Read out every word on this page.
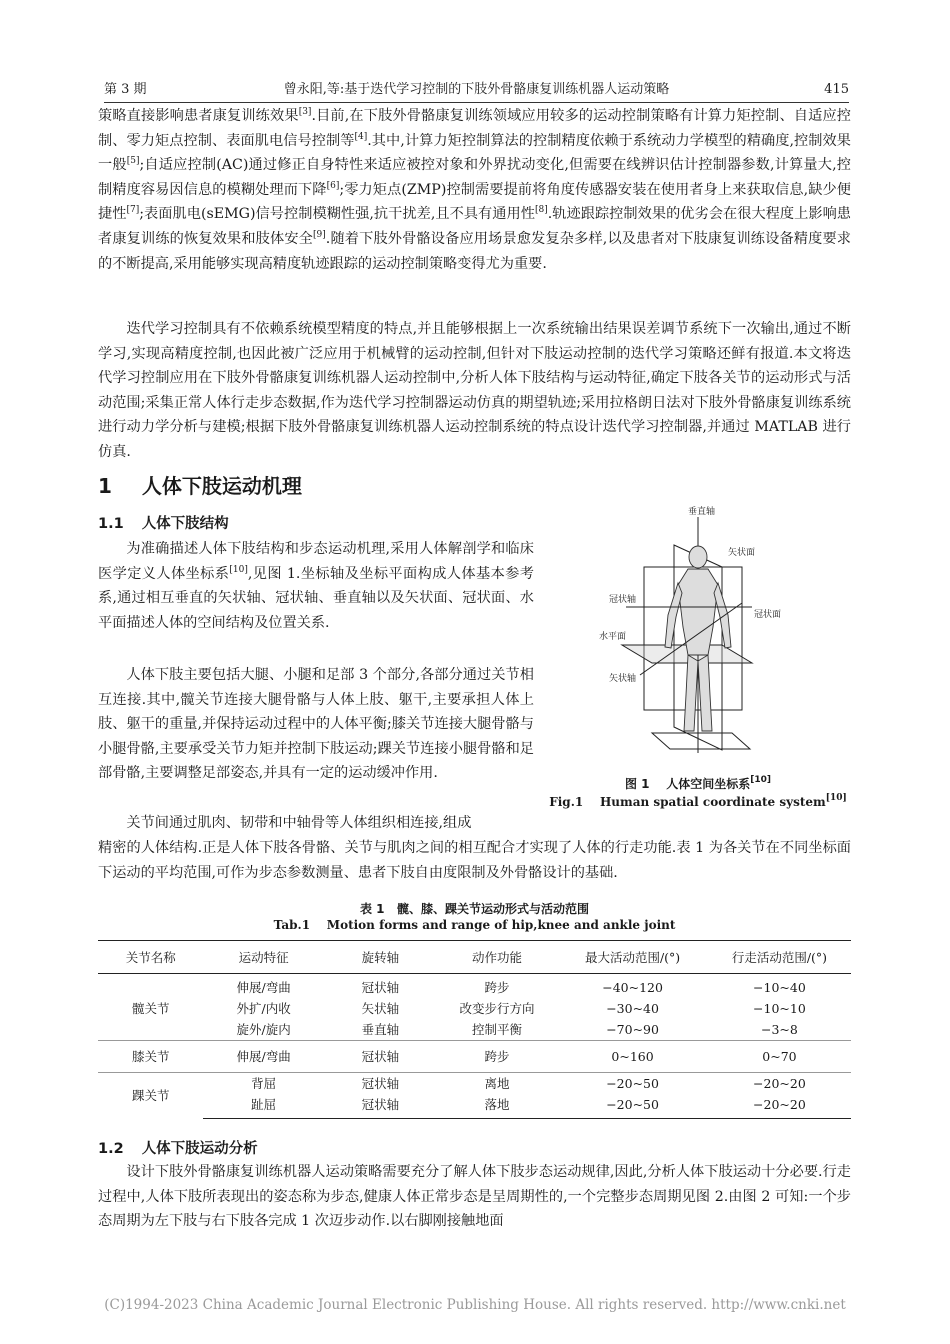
第 3 期	曾永阳,等:基于迭代学习控制的下肢外骨骼康复训练机器人运动策略	415

策略直接影响患者康复训练效果[3].目前,在下肢外骨骼康复训练领域应用较多的运动控制策略有计算力矩控制、自适应控制、零力矩点控制、表面肌电信号控制等[4].其中,计算力矩控制算法的控制精度依赖于系统动力学模型的精确度,控制效果一般[5];自适应控制(AC)通过修正自身特性来适应被控对象和外界扰动变化,但需要在线辨识估计控制器参数,计算量大,控制精度容易因信息的模糊处理而下降[6];零力矩点(ZMP)控制需要提前将角度传感器安装在使用者身上来获取信息,缺少便捷性[7];表面肌电(sEMG)信号控制模糊性强,抗干扰差,且不具有通用性[8].轨迹跟踪控制效果的优劣会在很大程度上影响患者康复训练的恢复效果和肢体安全[9].随着下肢外骨骼设备应用场景愈发复杂多样,以及患者对下肢康复训练设备精度要求的不断提高,采用能够实现高精度轨迹跟踪的运动控制策略变得尤为重要.

迭代学习控制具有不依赖系统模型精度的特点,并且能够根据上一次系统输出结果误差调节系统下一次输出,通过不断学习,实现高精度控制,也因此被广泛应用于机械臂的运动控制,但针对下肢运动控制的迭代学习策略还鲜有报道.本文将迭代学习控制应用在下肢外骨骼康复训练机器人运动控制中,分析人体下肢结构与运动特征,确定下肢各关节的运动形式与活动范围;采集正常人体行走步态数据,作为迭代学习控制器运动仿真的期望轨迹;采用拉格朗日法对下肢外骨骼康复训练系统进行动力学分析与建模;根据下肢外骨骼康复训练机器人运动控制系统的特点设计迭代学习控制器,并通过 MATLAB 进行仿真.

1 人体下肢运动机理
1.1 人体下肢结构

为准确描述人体下肢结构和步态运动机理,采用人体解剖学和临床医学定义人体坐标系[10],见图 1.坐标轴及坐标平面构成人体基本参考系,通过相互垂直的矢状轴、冠状轴、垂直轴以及矢状面、冠状面、水平面描述人体的空间结构及位置关系.

人体下肢主要包括大腿、小腿和足部 3 个部分,各部分通过关节相互连接.其中,髋关节连接大腿骨骼与人体上肢、躯干,主要承担人体上肢、躯干的重量,并保持运动过程中的人体平衡;膝关节连接大腿骨骼与小腿骨骼,主要承受关节力矩并控制下肢运动;踝关节连接小腿骨骼和足部骨骼,主要调整足部姿态,并具有一定的运动缓冲作用.

关节间通过肌肉、韧带和中轴骨等人体组织相连接,组成

精密的人体结构.正是人体下肢各骨骼、关节与肌肉之间的相互配合才实现了人体的行走功能.表 1 为各关节在不同坐标面下运动的平均范围,可作为步态参数测量、患者下肢自由度限制及外骨骼设计的基础.

垂直轴
矢状面
冠状轴
冠状面
水平面
矢状轴
图 1 人体空间坐标系[10]
Fig.1 Human spatial coordinate system[10]
表 1 髋、膝、踝关节运动形式与活动范围
Tab.1 Motion forms and range of hip,knee and ankle joint
关节名称	运动特征	旋转轴	动作功能	最大活动范围/(°)	行走活动范围/(°)
髋关节	伸展/弯曲	冠状轴	跨步	−40~120	−10~40
	外扩/内收	矢状轴	改变步行方向	−30~40	−10~10
	旋外/旋内	垂直轴	控制平衡	−70~90	−3~8
膝关节	伸展/弯曲	冠状轴	跨步	0~160	0~70
踝关节	背屈	冠状轴	离地	−20~50	−20~20
	趾屈	冠状轴	落地	−20~50	−20~20
1.2 人体下肢运动分析

设计下肢外骨骼康复训练机器人运动策略需要充分了解人体下肢步态运动规律,因此,分析人体下肢运动十分必要.行走过程中,人体下肢所表现出的姿态称为步态,健康人体正常步态是呈周期性的,一个完整步态周期见图 2.由图 2 可知:一个步态周期为左下肢与右下肢各完成 1 次迈步动作.以右脚刚接触地面

(C)1994-2023 China Academic Journal Electronic Publishing House. All rights reserved. http://www.cnki.net
